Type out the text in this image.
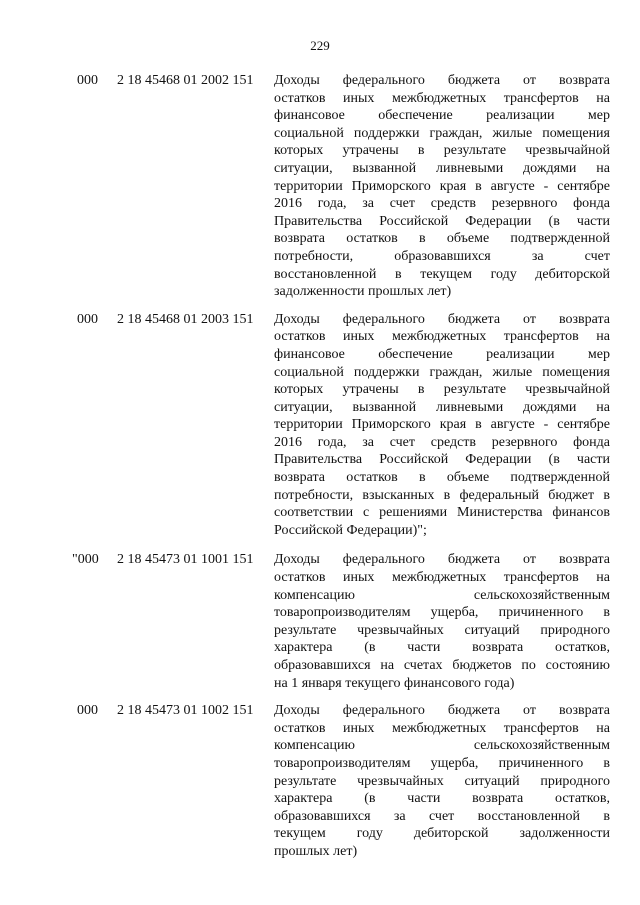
229
000 2 18 45468 01 2002 151 Доходы федерального бюджета от возврата
остатков иных межбюджетных трансфертов на
финансовое обеспечение реализации мер
социальной поддержки граждан, жилые помещения
которых утрачены в результате чрезвычайной
ситуации, вызванной ливневыми дождями на
территории Приморского края в августе - сентябре
2016 года, за счет средств резервного фонда
Правительства Российской Федерации (в части
возврата остатков в объеме подтвержденной
потребности, образовавшихся за счет
восстановленной в текущем году дебиторской
задолженности прошлых лет)
000 2 18 45468 01 2003 151 Доходы федерального бюджета от возврата
остатков иных межбюджетных трансфертов на
финансовое обеспечение реализации мер
социальной поддержки граждан, жилые помещения
которых утрачены в результате чрезвычайной
ситуации, вызванной ливневыми дождями на
территории Приморского края в августе - сентябре
2016 года, за счет средств резервного фонда
Правительства Российской Федерации (в части
возврата остатков в объеме подтвержденной
потребности, взысканных в федеральный бюджет в
соответствии с решениями Министерства финансов
Российской Федерации)";
"000 2 18 45473 01 1001 151 Доходы федерального бюджета от возврата
остатков иных межбюджетных трансфертов на
компенсацию сельскохозяйственным
товаропроизводителям ущерба, причиненного в
результате чрезвычайных ситуаций природного
характера (в части возврата остатков,
образовавшихся на счетах бюджетов по состоянию
на 1 января текущего финансового года)
000 2 18 45473 01 1002 151 Доходы федерального бюджета от возврата
остатков иных межбюджетных трансфертов на
компенсацию сельскохозяйственным
товаропроизводителям ущерба, причиненного в
результате чрезвычайных ситуаций природного
характера (в части возврата остатков,
образовавшихся за счет восстановленной в
текущем году дебиторской задолженности
прошлых лет)
